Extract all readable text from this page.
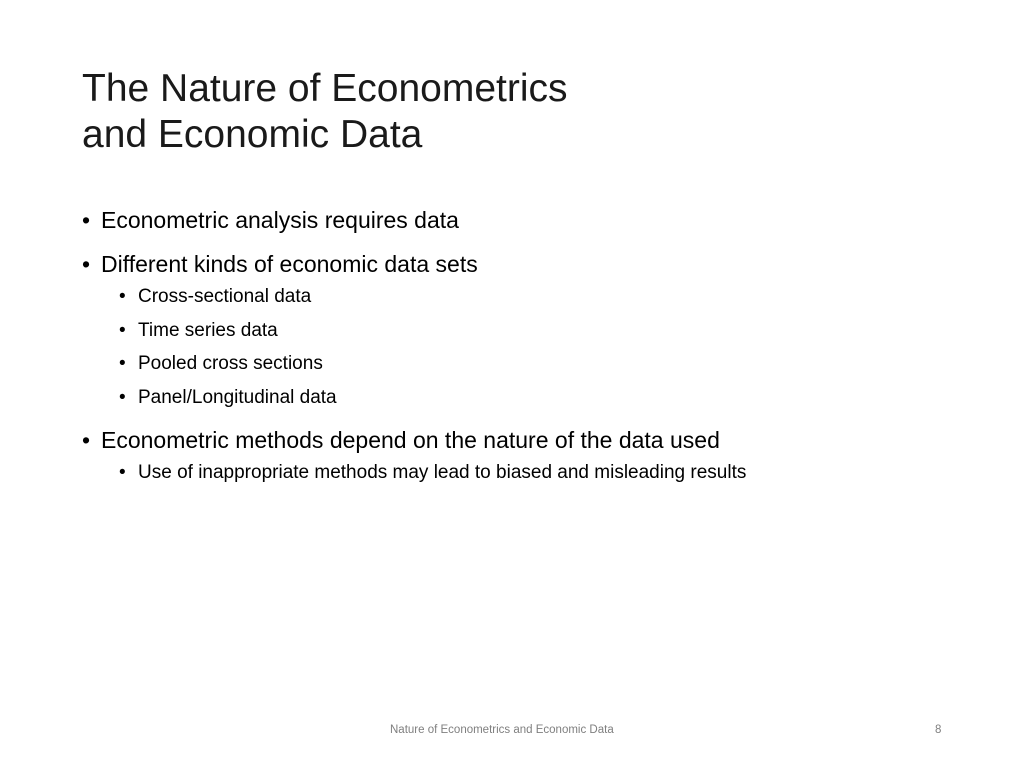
The Nature of Econometrics
and Economic Data
• Econometric analysis requires data
• Different kinds of economic data sets
• Cross-sectional data
• Time series data
• Pooled cross sections
• Panel/Longitudinal data
• Econometric methods depend on the nature of the data used
• Use of inappropriate methods may lead to biased and misleading results
Nature of Econometrics and Economic Data	8
